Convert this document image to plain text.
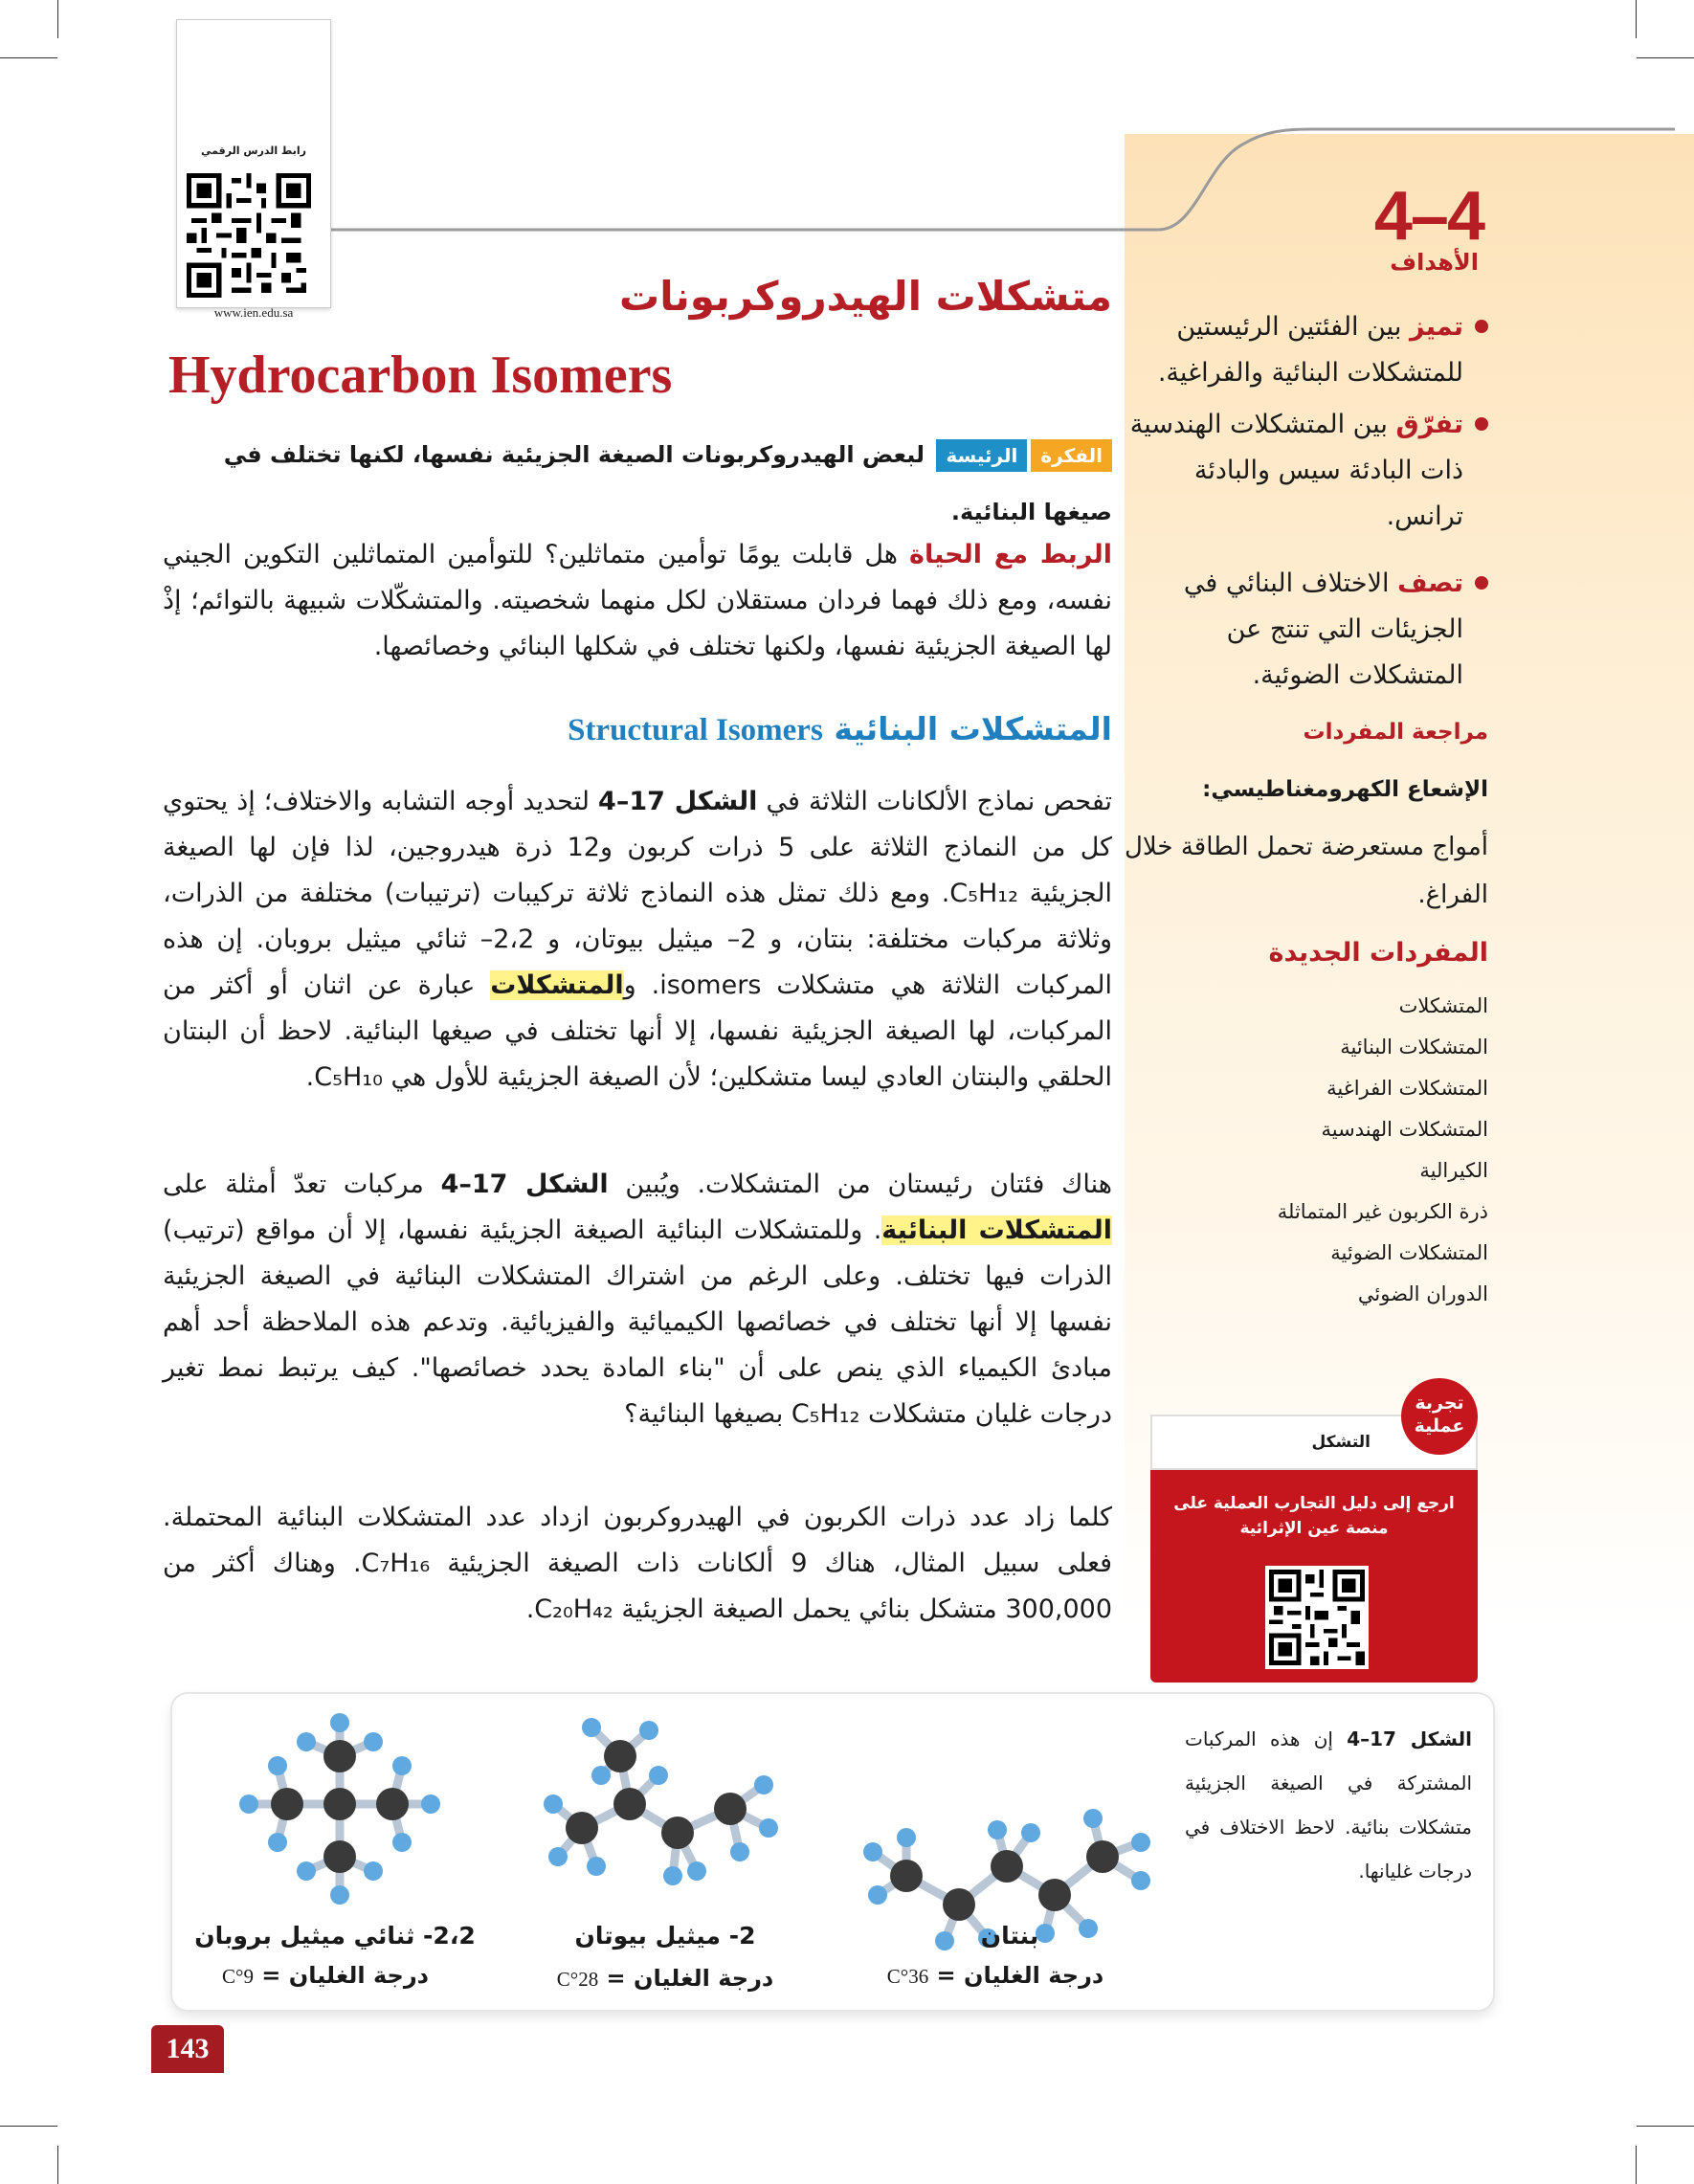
رابط الدرس الرقمي
www.ien.edu.sa
4–4
متشكلات الهيدروكربونات
Hydrocarbon Isomers
الفكرةالرئيسة لبعض الهيدروكربونات الصيغة الجزيئية نفسها، لكنها تختلف في صيغها البنائية.
الربط مع الحياة هل قابلت يومًا توأمين متماثلين؟ للتوأمين المتماثلين التكوين الجيني نفسه، ومع ذلك فهما فردان مستقلان لكل منهما شخصيته. والمتشكّلات شبيهة بالتوائم؛ إذْ لها الصيغة الجزيئية نفسها، ولكنها تختلف في شكلها البنائي وخصائصها.
المتشكلات البنائية Structural Isomers
تفحص نماذج الألكانات الثلاثة في الشكل 17–4 لتحديد أوجه التشابه والاختلاف؛ إذ يحتوي كل من النماذج الثلاثة على 5 ذرات كربون و12 ذرة هيدروجين، لذا فإن لها الصيغة الجزيئية C₅H₁₂. ومع ذلك تمثل هذه النماذج ثلاثة تركيبات (ترتيبات) مختلفة من الذرات، وثلاثة مركبات مختلفة: بنتان، و 2– ميثيل بيوتان، و 2،2– ثنائي ميثيل بروبان. إن هذه المركبات الثلاثة هي متشكلات isomers. والمتشكلات عبارة عن اثنان أو أكثر من المركبات، لها الصيغة الجزيئية نفسها، إلا أنها تختلف في صيغها البنائية. لاحظ أن البنتان الحلقي والبنتان العادي ليسا متشكلين؛ لأن الصيغة الجزيئية للأول هي C₅H₁₀.
هناك فئتان رئيستان من المتشكلات. ويُبين الشكل 17–4 مركبات تعدّ أمثلة على المتشكلات البنائية. وللمتشكلات البنائية الصيغة الجزيئية نفسها، إلا أن مواقع (ترتيب) الذرات فيها تختلف. وعلى الرغم من اشتراك المتشكلات البنائية في الصيغة الجزيئية نفسها إلا أنها تختلف في خصائصها الكيميائية والفيزيائية. وتدعم هذه الملاحظة أحد أهم مبادئ الكيمياء الذي ينص على أن "بناء المادة يحدد خصائصها". كيف يرتبط نمط تغير درجات غليان متشكلات C₅H₁₂ بصيغها البنائية؟
كلما زاد عدد ذرات الكربون في الهيدروكربون ازداد عدد المتشكلات البنائية المحتملة. فعلى سبيل المثال، هناك 9 ألكانات ذات الصيغة الجزيئية C₇H₁₆. وهناك أكثر من 300,000 متشكل بنائي يحمل الصيغة الجزيئية C₂₀H₄₂.
الأهداف
تميز بين الفئتين الرئيستين للمتشكلات البنائية والفراغية.
تفرّق بين المتشكلات الهندسية ذات البادئة سيس والبادئة ترانس.
تصف الاختلاف البنائي في الجزيئات التي تنتج عن المتشكلات الضوئية.
مراجعة المفردات
الإشعاع الكهرومغناطيسي:
أمواج مستعرضة تحمل الطاقة خلال الفراغ.
المفردات الجديدة
المتشكلات
المتشكلات البنائية
المتشكلات الفراغية
المتشكلات الهندسية
الكيرالية
ذرة الكربون غير المتماثلة
المتشكلات الضوئية
الدوران الضوئي
التشكل
تجربة عملية
ارجع إلى دليل التجارب العملية على منصة عين الإثرائية
الشكل 17–4 إن هذه المركبات المشتركة في الصيغة الجزيئية متشكلات بنائية. لاحظ الاختلاف في درجات غليانها.
بنتان
درجة الغليان = 36°C
2- ميثيل بيوتان
درجة الغليان = 28°C
2،2- ثنائي ميثيل بروبان
درجة الغليان = 9°C
143
